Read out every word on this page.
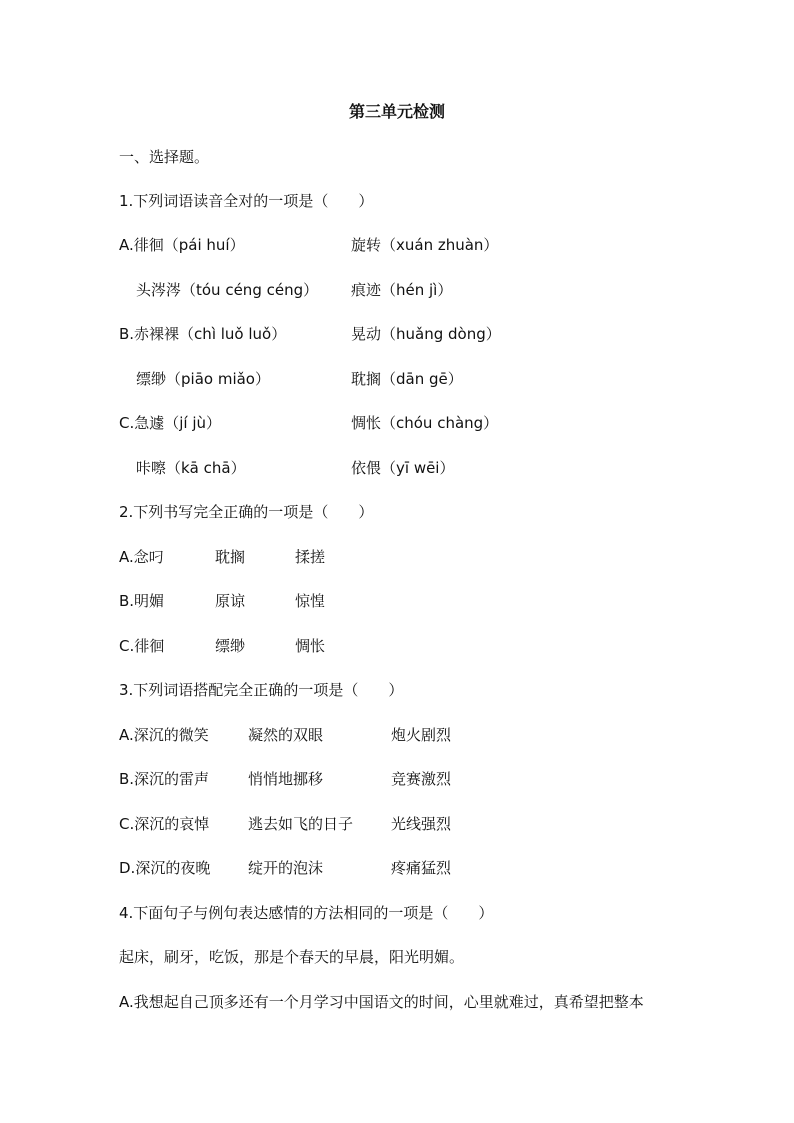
第三单元检测
一、选择题。
1.下列词语读音全对的一项是（　　）
A.徘徊（pái huí）	旋转（xuán zhuàn）
头涔涔（tóu céng céng） 痕迹（hén jì）
B.赤裸裸（chì luǒ luǒ）	晃动（huǎng dòng）
缥缈（piāo miǎo）	耽搁（dān gē）
C.急遽（jí jù）	惆怅（chóu chàng）
咔嚓（kā chā）	依偎（yī wēi）
2.下列书写完全正确的一项是（　　）
A.念叼	耽搁	揉搓
B.明媚	原谅	惊惶
C.徘徊	缥缈	惆怅
3.下列词语搭配完全正确的一项是（　　）
A.深沉的微笑	凝然的双眼	炮火剧烈
B.深沉的雷声	悄悄地挪移	竞赛激烈
C.深沉的哀悼	逃去如飞的日子	光线强烈
D.深沉的夜晚	绽开的泡沫	疼痛猛烈
4.下面句子与例句表达感情的方法相同的一项是（　　）
起床，刷牙，吃饭，那是个春天的早晨，阳光明媚。
A.我想起自己顶多还有一个月学习中国语文的时间，心里就难过，真希望把整本
